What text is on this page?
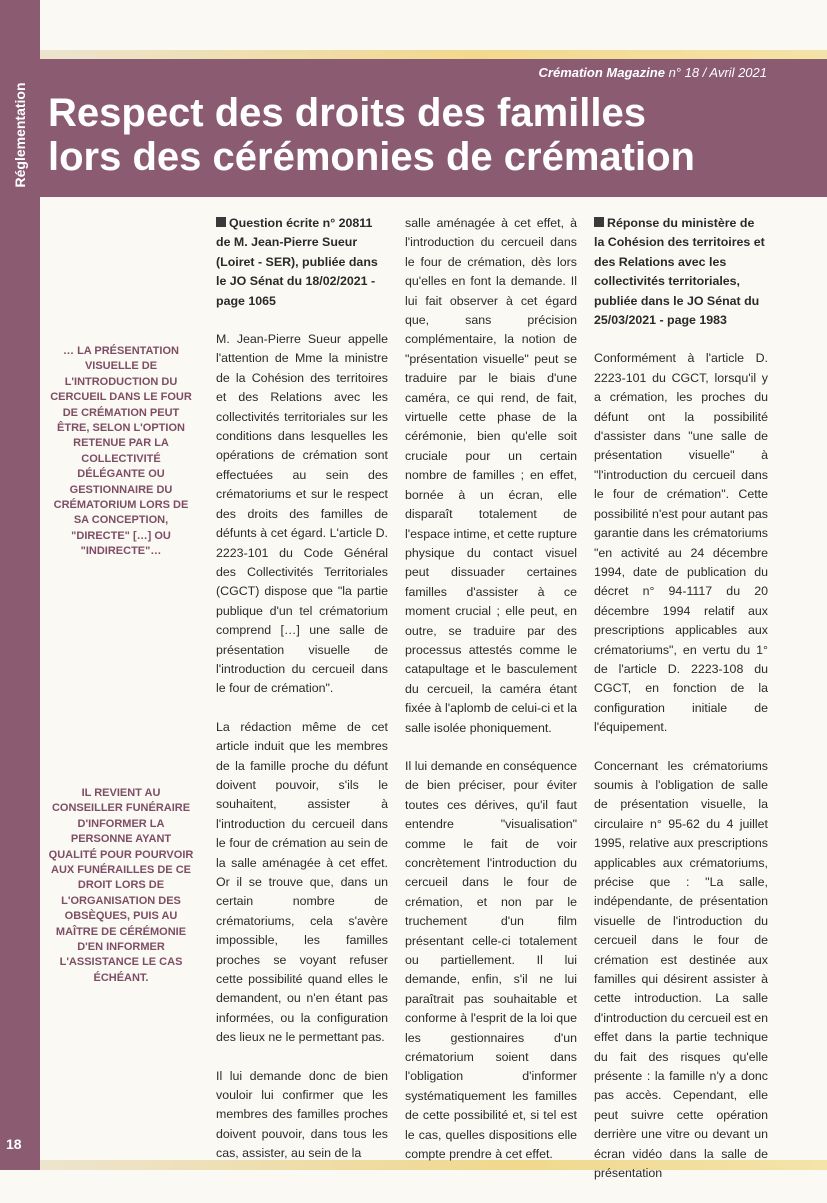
Réglementation
18
Crémation Magazine n° 18 / Avril 2021
Respect des droits des familles
lors des cérémonies de crémation
… LA PRÉSENTATION VISUELLE DE L'INTRODUCTION DU CERCUEIL DANS LE FOUR DE CRÉMATION PEUT ÊTRE, SELON L'OPTION RETENUE PAR LA COLLECTIVITÉ DÉLÉGANTE OU GESTIONNAIRE DU CRÉMATORIUM LORS DE SA CONCEPTION, "DIRECTE" […] OU "INDIRECTE"…
IL REVIENT AU CONSEILLER FUNÉRAIRE D'INFORMER LA PERSONNE AYANT QUALITÉ POUR POURVOIR AUX FUNÉRAILLES DE CE DROIT LORS DE L'ORGANISATION DES OBSÈQUES, PUIS AU MAÎTRE DE CÉRÉMONIE D'EN INFORMER L'ASSISTANCE LE CAS ÉCHÉANT.

Question écrite n° 20811 de M. Jean-Pierre Sueur (Loiret - SER), publiée dans le JO Sénat du 18/02/2021 - page 1065

M. Jean-Pierre Sueur appelle l'attention de Mme la ministre de la Cohésion des territoires et des Relations avec les collectivités territoriales sur les conditions dans lesquelles les opérations de crémation sont effectuées au sein des crématoriums et sur le respect des droits des familles de défunts à cet égard. L'article D. 2223-101 du Code Général des Collectivités Territoriales (CGCT) dispose que "la partie publique d'un tel crématorium comprend […] une salle de présentation visuelle de l'introduction du cercueil dans le four de crémation".

La rédaction même de cet article induit que les membres de la famille proche du défunt doivent pouvoir, s'ils le souhaitent, assister à l'introduction du cercueil dans le four de crémation au sein de la salle aménagée à cet effet. Or il se trouve que, dans un certain nombre de crématoriums, cela s'avère impossible, les familles proches se voyant refuser cette possibilité quand elles le demandent, ou n'en étant pas informées, ou la configuration des lieux ne le permettant pas.

Il lui demande donc de bien vouloir lui confirmer que les membres des familles proches doivent pouvoir, dans tous les cas, assister, au sein de la

salle aménagée à cet effet, à l'introduction du cercueil dans le four de crémation, dès lors qu'elles en font la demande. Il lui fait observer à cet égard que, sans précision complémentaire, la notion de "présentation visuelle" peut se traduire par le biais d'une caméra, ce qui rend, de fait, virtuelle cette phase de la cérémonie, bien qu'elle soit cruciale pour un certain nombre de familles ; en effet, bornée à un écran, elle disparaît totalement de l'espace intime, et cette rupture physique du contact visuel peut dissuader certaines familles d'assister à ce moment crucial ; elle peut, en outre, se traduire par des processus attestés comme le catapultage et le basculement du cercueil, la caméra étant fixée à l'aplomb de celui-ci et la salle isolée phoniquement.

Il lui demande en conséquence de bien préciser, pour éviter toutes ces dérives, qu'il faut entendre "visualisation" comme le fait de voir concrètement l'introduction du cercueil dans le four de crémation, et non par le truchement d'un film présentant celle-ci totalement ou partiellement. Il lui demande, enfin, s'il ne lui paraîtrait pas souhaitable et conforme à l'esprit de la loi que les gestionnaires d'un crématorium soient dans l'obligation d'informer systématiquement les familles de cette possibilité et, si tel est le cas, quelles dispositions elle compte prendre à cet effet.

Réponse du ministère de la Cohésion des territoires et des Relations avec les collectivités territoriales, publiée dans le JO Sénat du 25/03/2021 - page 1983

Conformément à l'article D. 2223-101 du CGCT, lorsqu'il y a crémation, les proches du défunt ont la possibilité d'assister dans "une salle de présentation visuelle" à "l'introduction du cercueil dans le four de crémation". Cette possibilité n'est pour autant pas garantie dans les crématoriums "en activité au 24 décembre 1994, date de publication du décret n° 94-1117 du 20 décembre 1994 relatif aux prescriptions applicables aux crématoriums", en vertu du 1° de l'article D. 2223-108 du CGCT, en fonction de la configuration initiale de l'équipement.

Concernant les crématoriums soumis à l'obligation de salle de présentation visuelle, la circulaire n° 95-62 du 4 juillet 1995, relative aux prescriptions applicables aux crématoriums, précise que : "La salle, indépendante, de présentation visuelle de l'introduction du cercueil dans le four de crémation est destinée aux familles qui désirent assister à cette introduction. La salle d'introduction du cercueil est en effet dans la partie technique du fait des risques qu'elle présente : la famille n'y a donc pas accès. Cependant, elle peut suivre cette opération derrière une vitre ou devant un écran vidéo dans la salle de présentation
